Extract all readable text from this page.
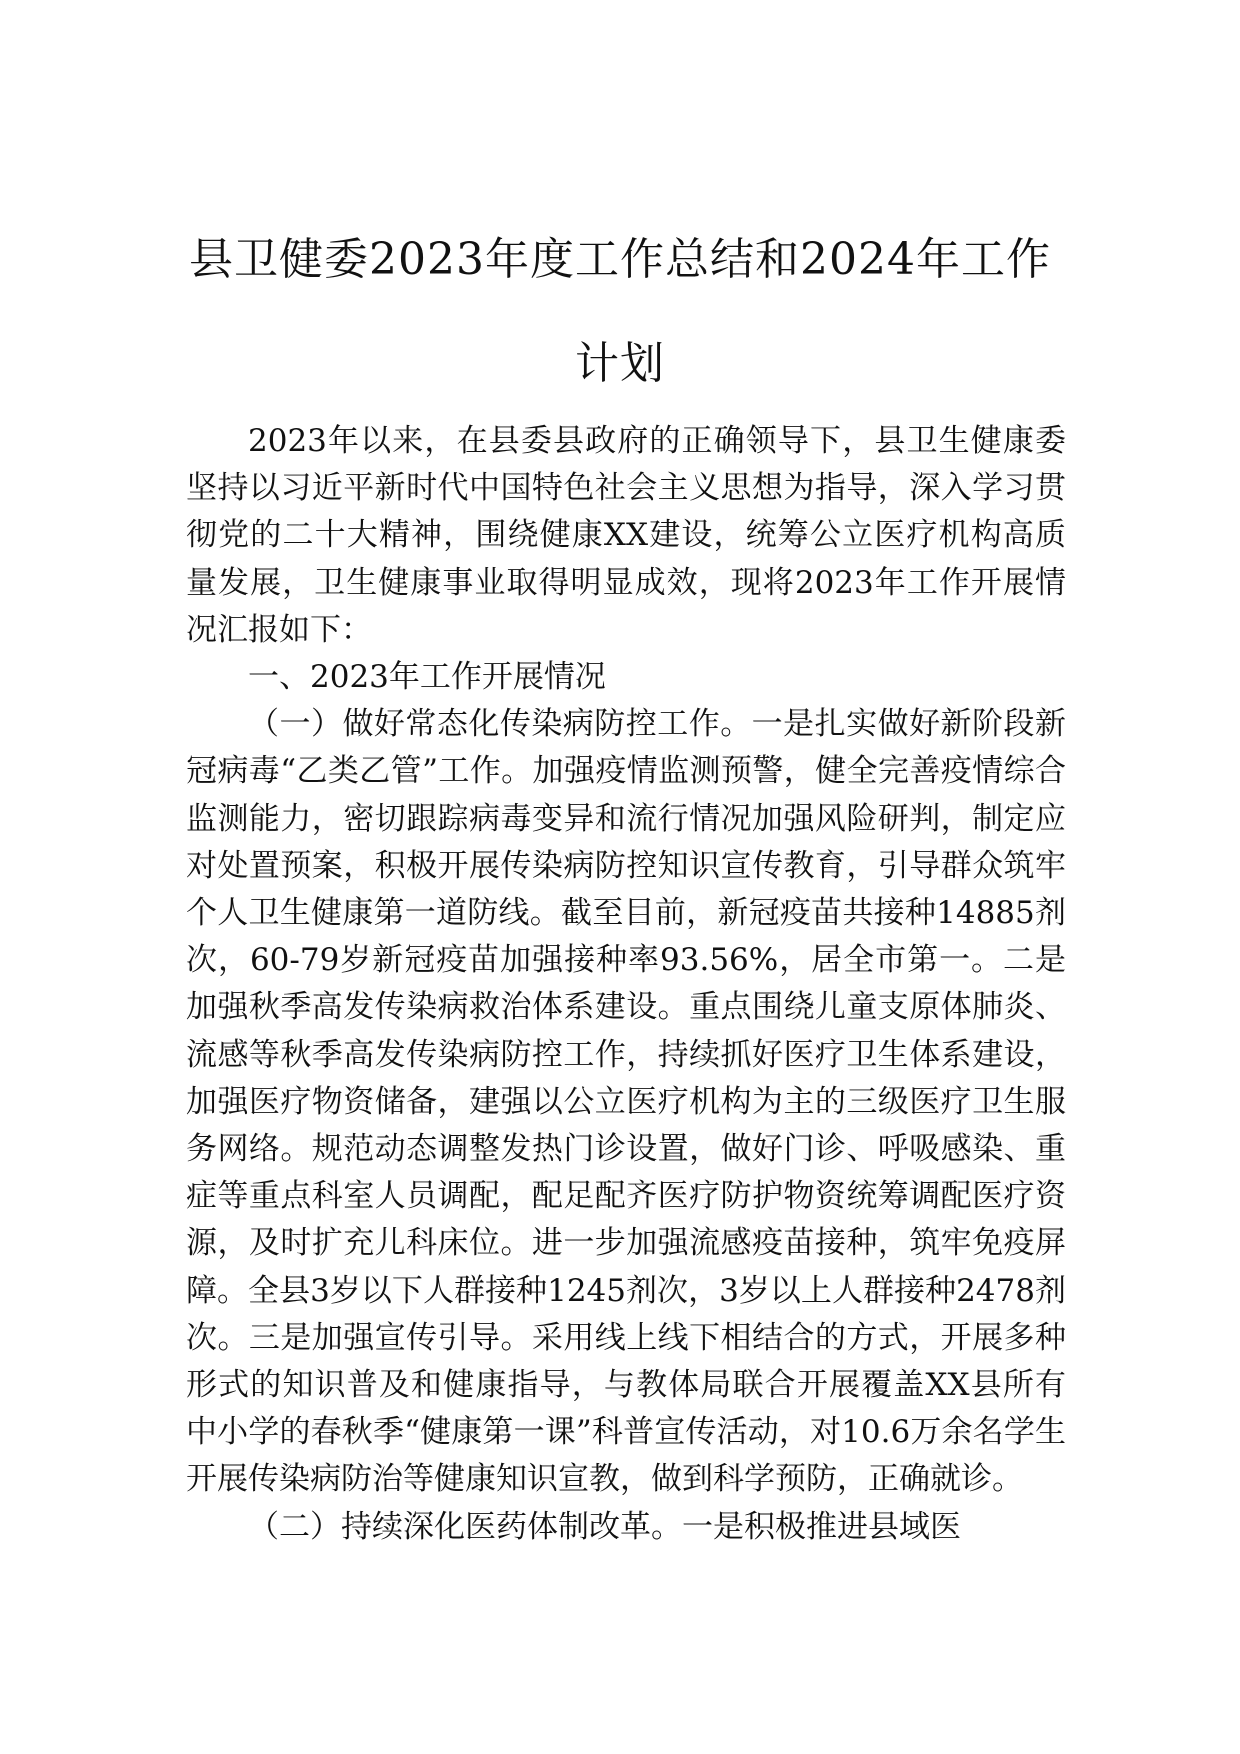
县卫健委2023年度工作总结和2024年工作
计划

2023年以来，在县委县政府的正确领导下，县卫生健康委坚持以习近平新时代中国特色社会主义思想为指导，深入学习贯彻党的二十大精神，围绕健康XX建设，统筹公立医疗机构高质量发展，卫生健康事业取得明显成效，现将2023年工作开展情况汇报如下：

一、2023年工作开展情况

（一）做好常态化传染病防控工作。一是扎实做好新阶段新冠病毒“乙类乙管”工作。加强疫情监测预警，健全完善疫情综合监测能力，密切跟踪病毒变异和流行情况加强风险研判，制定应对处置预案，积极开展传染病防控知识宣传教育，引导群众筑牢个人卫生健康第一道防线。截至目前，新冠疫苗共接种14885剂次，60-79岁新冠疫苗加强接种率93.56%，居全市第一。二是加强秋季高发传染病救治体系建设。重点围绕儿童支原体肺炎、流感等秋季高发传染病防控工作，持续抓好医疗卫生体系建设，加强医疗物资储备，建强以公立医疗机构为主的三级医疗卫生服务网络。规范动态调整发热门诊设置，做好门诊、呼吸感染、重症等重点科室人员调配，配足配齐医疗防护物资统筹调配医疗资源，及时扩充儿科床位。进一步加强流感疫苗接种，筑牢免疫屏障。全县3岁以下人群接种1245剂次，3岁以上人群接种2478剂次。三是加强宣传引导。采用线上线下相结合的方式，开展多种形式的知识普及和健康指导，与教体局联合开展覆盖XX县所有中小学的春秋季“健康第一课”科普宣传活动，对10.6万余名学生开展传染病防治等健康知识宣教，做到科学预防，正确就诊。

（二）持续深化医药体制改革。一是积极推进县域医
